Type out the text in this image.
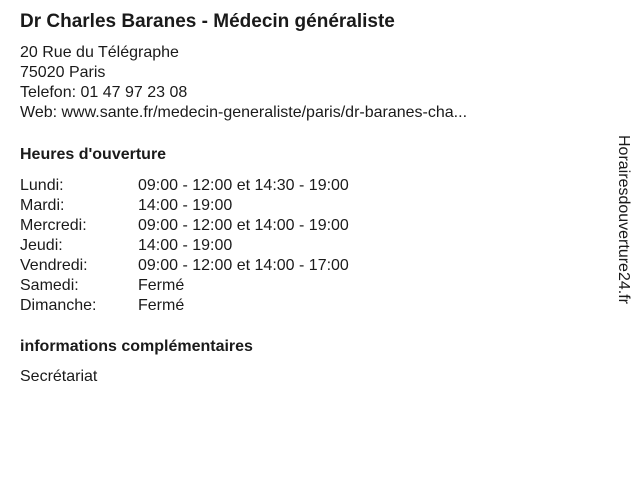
Dr Charles Baranes - Médecin généraliste
20 Rue du Télégraphe
75020 Paris
Telefon: 01 47 97 23 08
Web: www.sante.fr/medecin-generaliste/paris/dr-baranes-cha...
Heures d'ouverture
Lundi:	09:00 - 12:00 et 14:30 - 19:00
Mardi:	14:00 - 19:00
Mercredi:	09:00 - 12:00 et 14:00 - 19:00
Jeudi:	14:00 - 19:00
Vendredi:	09:00 - 12:00 et 14:00 - 17:00
Samedi:	Fermé
Dimanche:	Fermé
informations complémentaires
Secrétariat
Horairesdouverture24.fr
